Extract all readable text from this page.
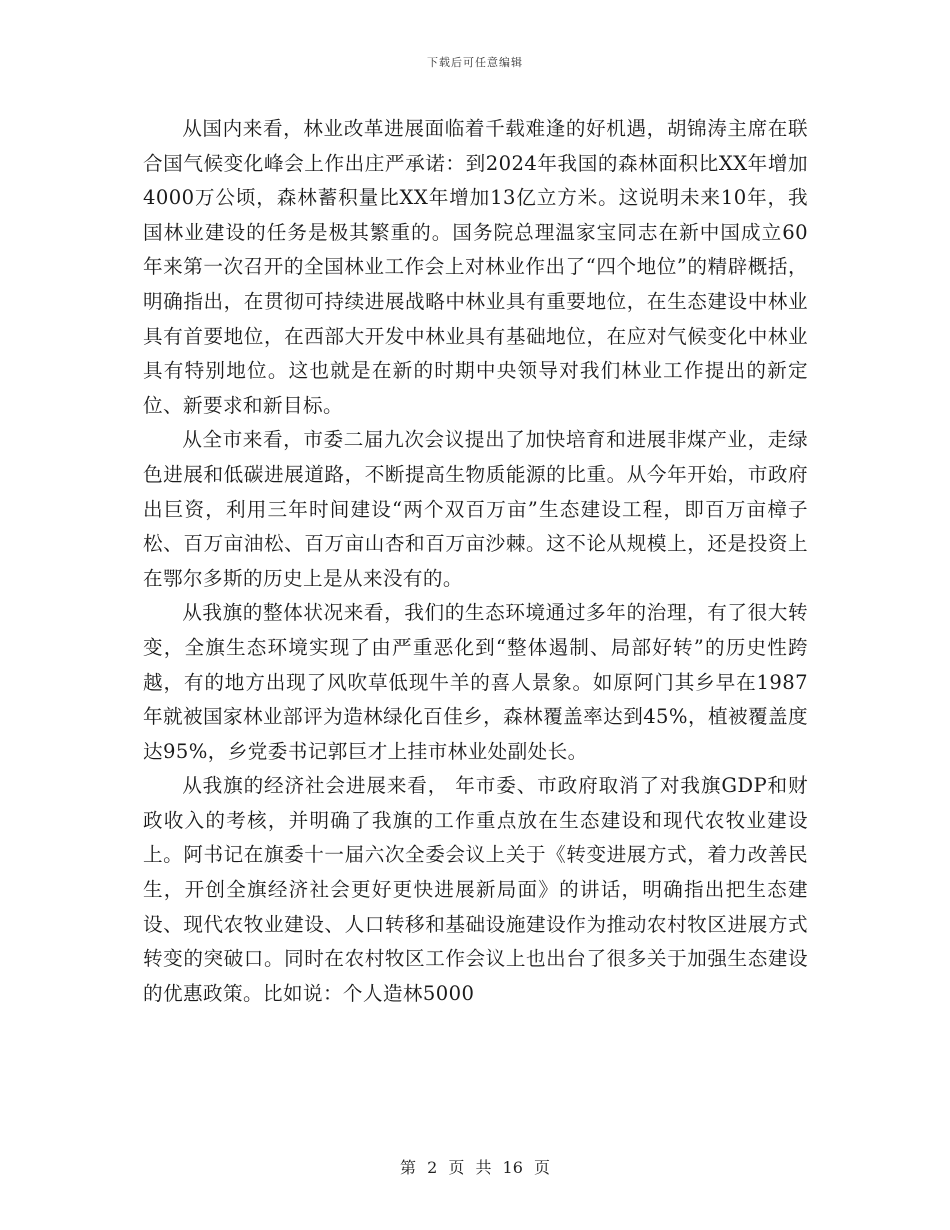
下载后可任意编辑

从国内来看，林业改革进展面临着千载难逢的好机遇，胡锦涛主席在联合国气候变化峰会上作出庄严承诺：到2024年我国的森林面积比XX年增加4000万公顷，森林蓄积量比XX年增加13亿立方米。这说明未来10年，我国林业建设的任务是极其繁重的。国务院总理温家宝同志在新中国成立60年来第一次召开的全国林业工作会上对林业作出了“四个地位”的精辟概括，明确指出，在贯彻可持续进展战略中林业具有重要地位，在生态建设中林业具有首要地位，在西部大开发中林业具有基础地位，在应对气候变化中林业具有特别地位。这也就是在新的时期中央领导对我们林业工作提出的新定位、新要求和新目标。

从全市来看，市委二届九次会议提出了加快培育和进展非煤产业，走绿色进展和低碳进展道路，不断提高生物质能源的比重。从今年开始，市政府出巨资，利用三年时间建设“两个双百万亩”生态建设工程，即百万亩樟子松、百万亩油松、百万亩山杏和百万亩沙棘。这不论从规模上，还是投资上在鄂尔多斯的历史上是从来没有的。

从我旗的整体状况来看，我们的生态环境通过多年的治理，有了很大转变，全旗生态环境实现了由严重恶化到“整体遏制、局部好转”的历史性跨越，有的地方出现了风吹草低现牛羊的喜人景象。如原阿门其乡早在1987年就被国家林业部评为造林绿化百佳乡，森林覆盖率达到45%，植被覆盖度达95%，乡党委书记郭巨才上挂市林业处副处长。

从我旗的经济社会进展来看， 年市委、市政府取消了对我旗GDP和财政收入的考核，并明确了我旗的工作重点放在生态建设和现代农牧业建设上。阿书记在旗委十一届六次全委会议上关于《转变进展方式，着力改善民生，开创全旗经济社会更好更快进展新局面》的讲话，明确指出把生态建设、现代农牧业建设、人口转移和基础设施建设作为推动农村牧区进展方式转变的突破口。同时在农村牧区工作会议上也出台了很多关于加强生态建设的优惠政策。比如说：个人造林5000

第 2 页 共 16 页
